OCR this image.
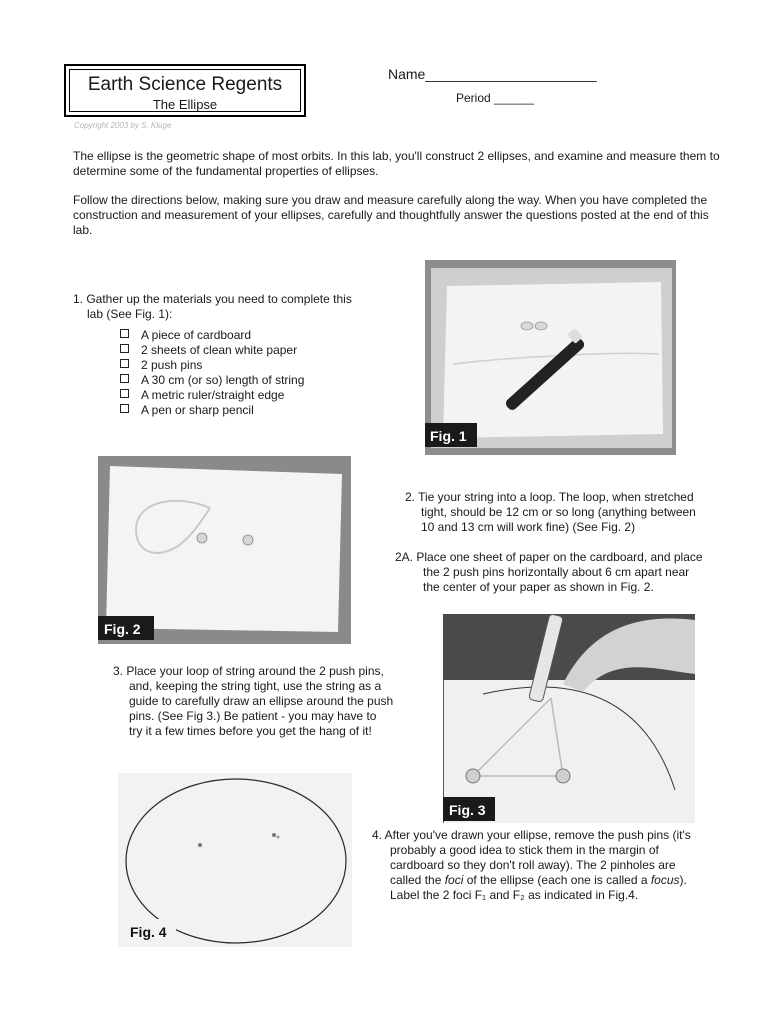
Earth Science Regents
The Ellipse
Copyright 2003 by S. Kluge
Name______________________
Period ______
The ellipse is the geometric shape of most orbits. In this lab, you'll construct 2 ellipses, and examine and measure them to determine some of the fundamental properties of ellipses.
Follow the directions below, making sure you draw and measure carefully along the way. When you have completed the construction and measurement of your ellipses, carefully and thoughtfully answer the questions posted at the end of this lab.
1. Gather up the materials you need to complete this
lab (See Fig. 1):
A piece of cardboard
2 sheets of clean white paper
2 push pins
A 30 cm (or so) length of string
A metric ruler/straight edge
A pen or sharp pencil
Fig. 1
Fig. 2
2. Tie your string into a loop. The loop, when stretched
tight, should be 12 cm or so long (anything between
10 and 13 cm will work fine) (See Fig. 2)
2A. Place one sheet of paper on the cardboard, and place
the 2 push pins horizontally about 6 cm apart near
the center of your paper as shown in Fig. 2.
Fig. 3
3. Place your loop of string around the 2 push pins,
and, keeping the string tight, use the string as a
guide to carefully draw an ellipse around the push
pins. (See Fig 3.) Be patient - you may have to
try it a few times before you get the hang of it!
Fig. 4
4. After you've drawn your ellipse, remove the push pins (it's
probably a good idea to stick them in the margin of
cardboard so they don't roll away). The 2 pinholes are
called the foci of the ellipse (each one is called a focus).
Label the 2 foci F₁ and F₂ as indicated in Fig.4.
